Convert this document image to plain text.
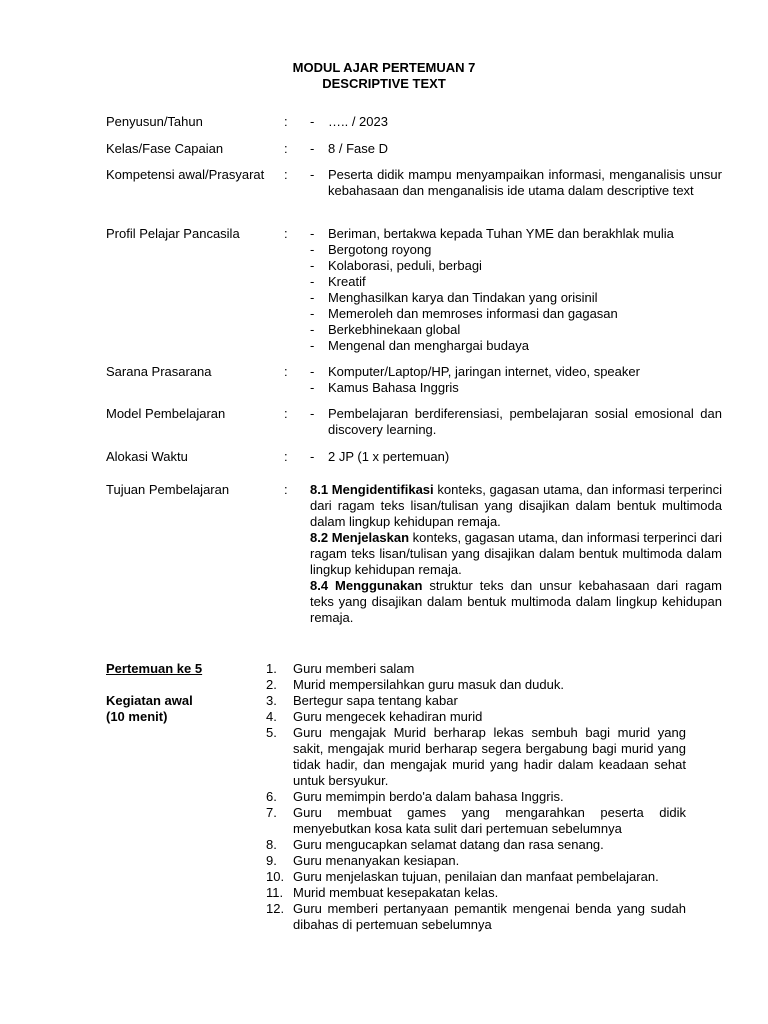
MODUL AJAR PERTEMUAN 7
DESCRIPTIVE TEXT
Penyusun/Tahun	:	- ….. / 2023
Kelas/Fase Capaian	:	- 8 / Fase D
Kompetensi awal/Prasyarat	:	- Peserta didik mampu menyampaikan informasi, menganalisis unsur kebahasaan dan menganalisis ide utama dalam descriptive text
Profil Pelajar Pancasila	:	- Beriman, bertakwa kepada Tuhan YME dan berakhlak mulia
- Bergotong royong
- Kolaborasi, peduli, berbagi
- Kreatif
- Menghasilkan karya dan Tindakan yang orisinil
- Memeroleh dan memroses informasi dan gagasan
- Berkebhinekaan global
- Mengenal dan menghargai budaya
Sarana Prasarana	:	- Komputer/Laptop/HP, jaringan internet, video, speaker
- Kamus Bahasa Inggris
Model Pembelajaran	:	- Pembelajaran berdiferensiasi, pembelajaran sosial emosional dan discovery learning.
Alokasi Waktu	:	- 2 JP (1 x pertemuan)
Tujuan Pembelajaran	:	8.1 Mengidentifikasi konteks, gagasan utama, dan informasi terperinci dari ragam teks lisan/tulisan yang disajikan dalam bentuk multimoda dalam lingkup kehidupan remaja.

8.2 Menjelaskan konteks, gagasan utama, dan informasi terperinci dari ragam teks lisan/tulisan yang disajikan dalam bentuk multimoda dalam lingkup kehidupan remaja.

8.4 Menggunakan struktur teks dan unsur kebahasaan dari ragam teks yang disajikan dalam bentuk multimoda dalam lingkup kehidupan remaja.

Pertemuan ke 5
Kegiatan awal
(10 menit)
1.	Guru memberi salam
2.	Murid mempersilahkan guru masuk dan duduk.
3.	Bertegur sapa tentang kabar
4.	Guru mengecek kehadiran murid
5.	Guru mengajak Murid berharap lekas sembuh bagi murid yang sakit, mengajak murid berharap segera bergabung bagi murid yang tidak hadir, dan mengajak murid yang hadir dalam keadaan sehat untuk bersyukur.
6.	Guru memimpin berdo'a dalam bahasa Inggris.
7.	Guru membuat games yang mengarahkan peserta didik menyebutkan kosa kata sulit dari pertemuan sebelumnya
8.	Guru mengucapkan selamat datang dan rasa senang.
9.	Guru menanyakan kesiapan.
10. Guru menjelaskan tujuan, penilaian dan manfaat pembelajaran.
11. Murid membuat kesepakatan kelas.
12. Guru memberi pertanyaan pemantik mengenai benda yang sudah dibahas di pertemuan sebelumnya
